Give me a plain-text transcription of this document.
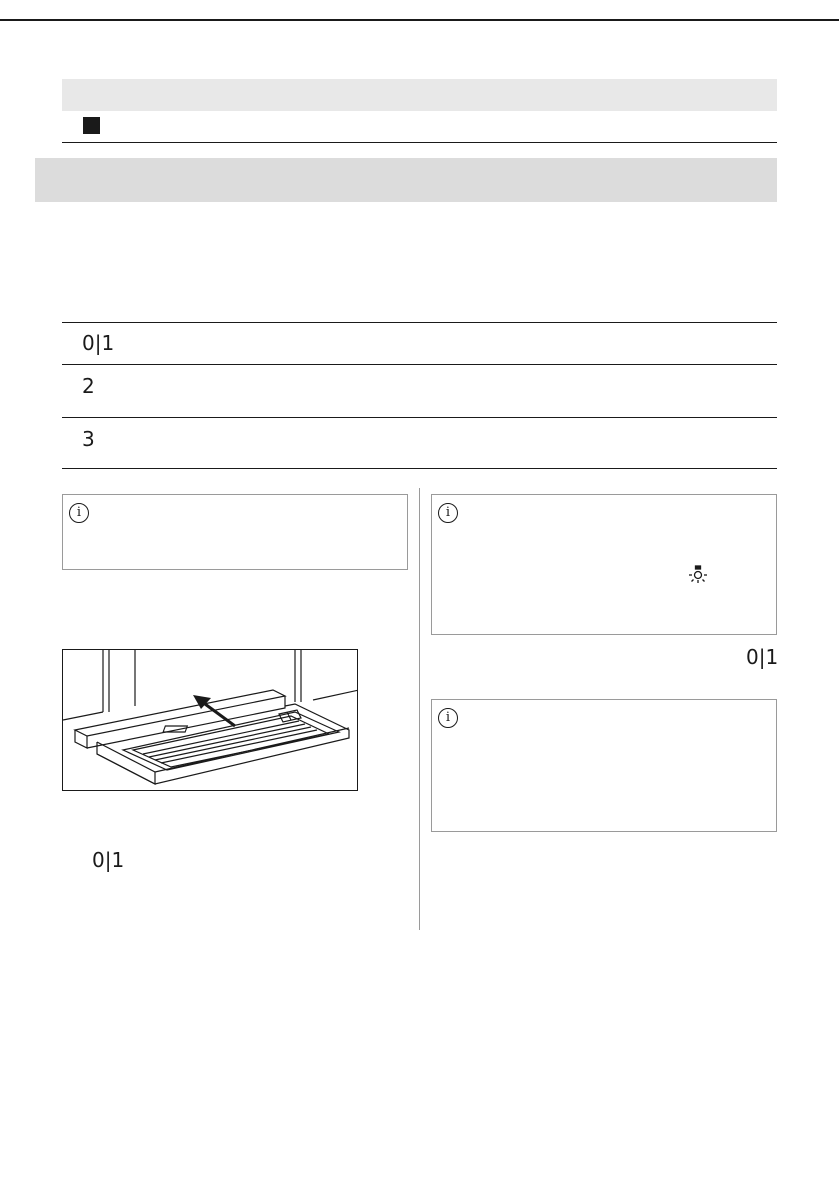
0|1
2
3
i
0|1
i
0|1
i
